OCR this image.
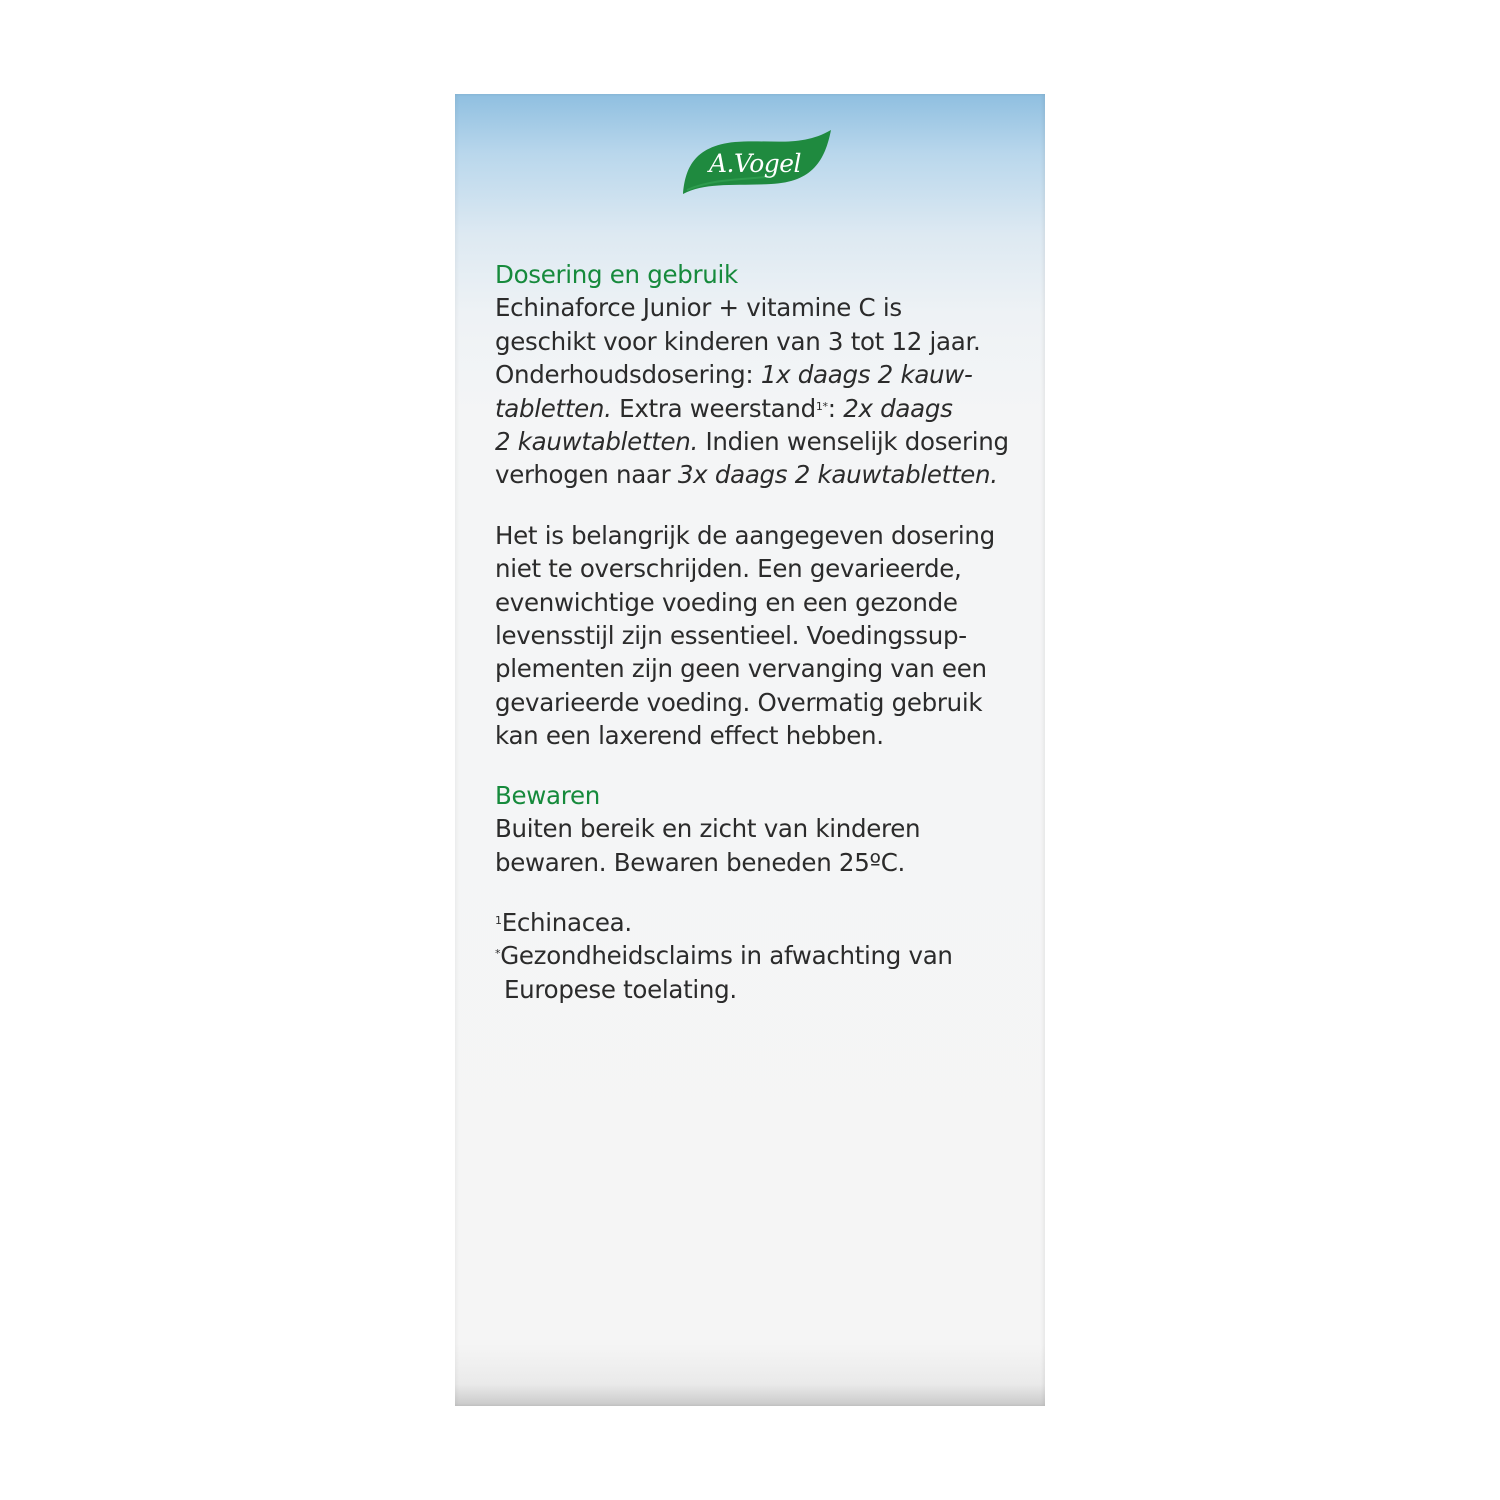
A.Vogel

Dosering en gebruik

Echinaforce Junior + vitamine C is

geschikt voor kinderen van 3 tot 12 jaar.

Onderhoudsdosering: 1x daags 2 kauw-

tabletten. Extra weerstand$^{1*}$: 2x daags

2 kauwtabletten. Indien wenselijk dosering

verhogen naar 3x daags 2 kauwtabletten.

Het is belangrijk de aangegeven dosering

niet te overschrijden. Een gevarieerde,

evenwichtige voeding en een gezonde

levensstijl zijn essentieel. Voedingssup-

plementen zijn geen vervanging van een

gevarieerde voeding. Overmatig gebruik

kan een laxerend effect hebben.

Bewaren

Buiten bereik en zicht van kinderen

bewaren. Bewaren beneden 25ºC.

$^1$Echinacea.

*Gezondheidsclaims in afwachting van

Europese toelating.
